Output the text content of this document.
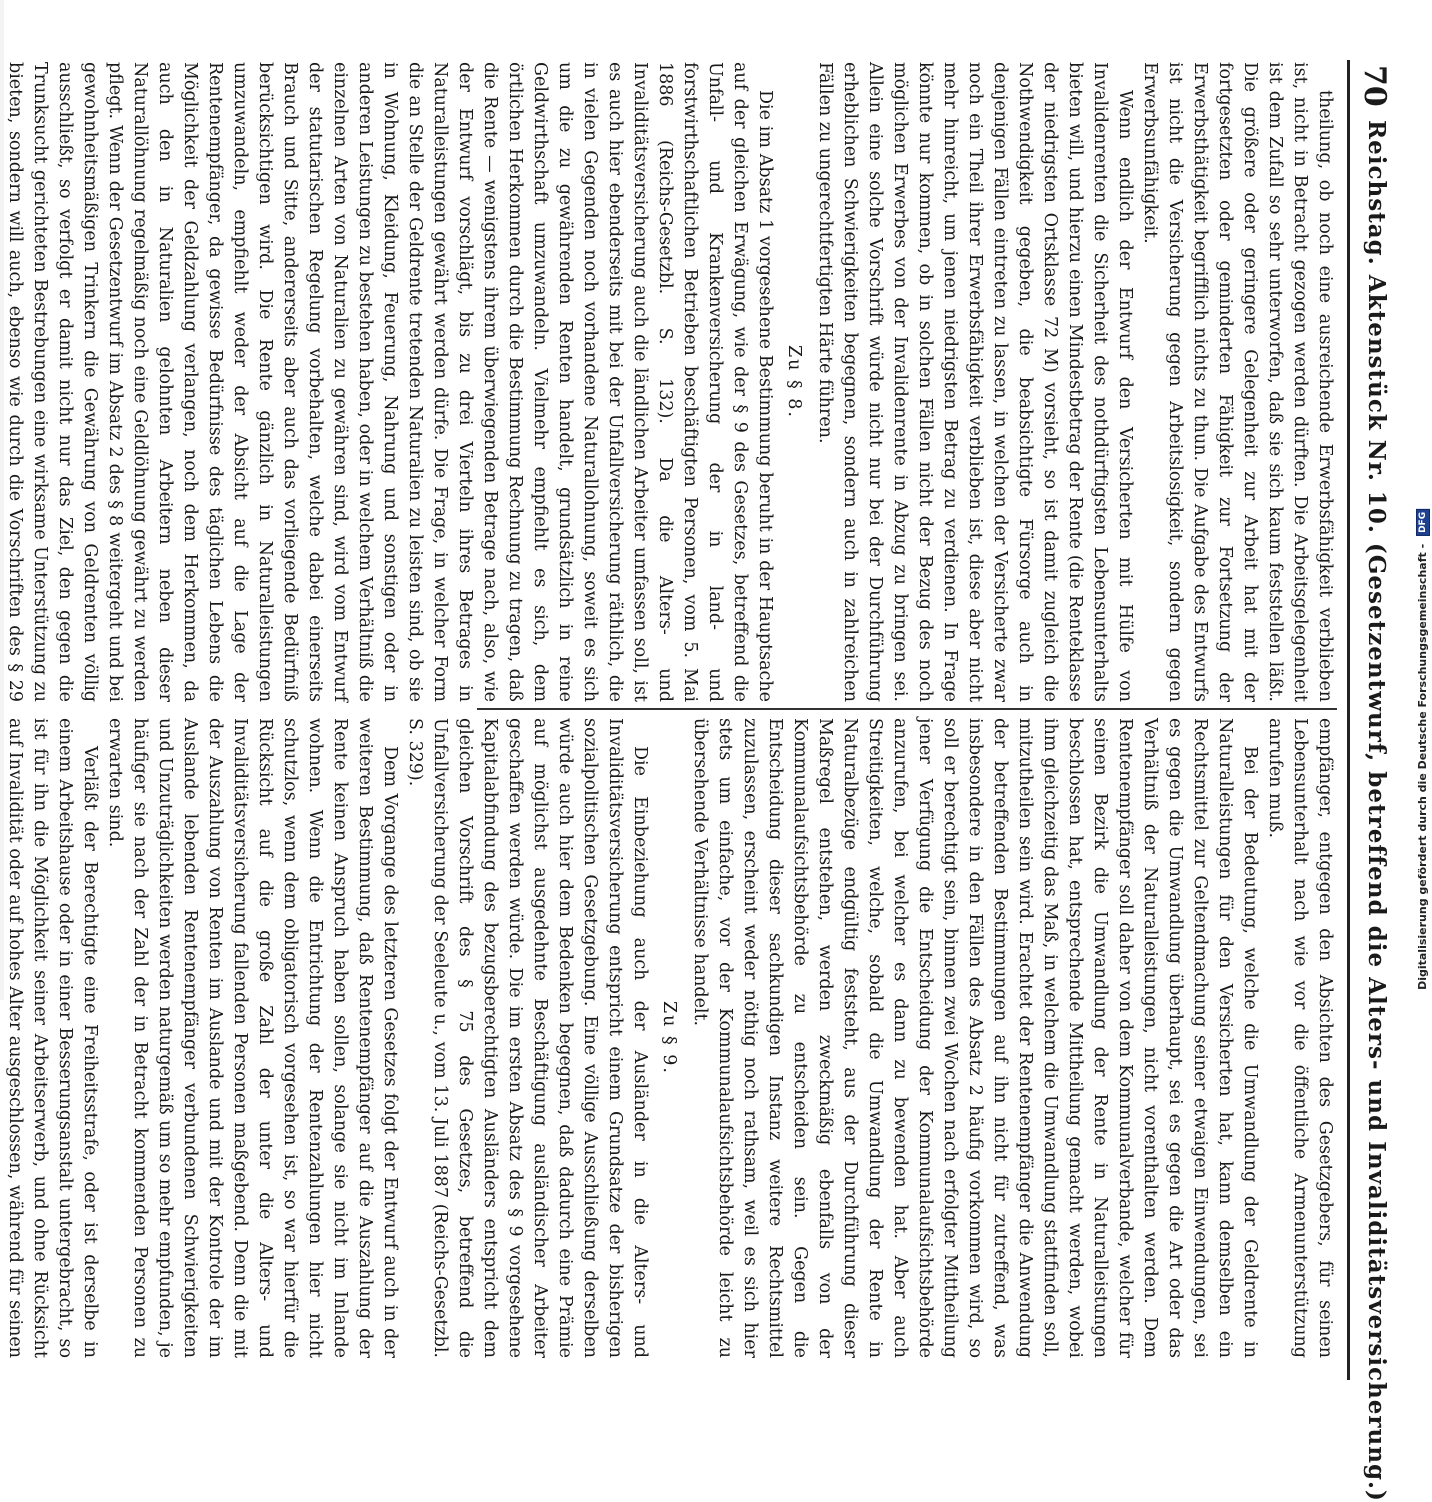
70
Reichstag. Aktenstück Nr. 10. (Gesetzentwurf, betreffend die Alters- und Invaliditätsversicherung.)

theilung, ob noch eine ausreichende Erwerbsfähigkeit verblieben ist, nicht in Betracht gezogen werden dürften. Die Arbeitsgelegenheit ist dem Zufall so sehr unterworfen, daß sie sich kaum feststellen läßt. Die größere oder geringere Gelegenheit zur Arbeit hat mit der fortgesetzten oder geminderten Fähigkeit zur Fortsetzung der Erwerbsthätigkeit begrifflich nichts zu thun. Die Aufgabe des Entwurfs ist nicht die Versicherung gegen Arbeitslosigkeit, sondern gegen Erwerbsunfähigkeit.

Wenn endlich der Entwurf den Versicherten mit Hülfe von Invalidenrenten die Sicherheit des nothdürftigsten Lebensunterhalts bieten will, und hierzu einen Mindestbetrag der Rente (die Renteklasse der niedrigsten Ortsklasse 72 M) vorsieht, so ist damit zugleich die Nothwendigkeit gegeben, die beabsichtigte Fürsorge auch in denjenigen Fällen eintreten zu lassen, in welchen der Versicherte zwar noch ein Theil ihrer Erwerbsfähigkeit verblieben ist, diese aber nicht mehr hinreicht, um jenen niedrigsten Betrag zu verdienen. In Frage könnte nur kommen, ob in solchen Fällen nicht der Bezug des noch möglichen Erwerbes von der Invalidenrente in Abzug zu bringen sei. Allein eine solche Vorschrift würde nicht nur bei der Durchführung erheblichen Schwierigkeiten begegnen, sondern auch in zahlreichen Fällen zu ungerechtfertigten Härte führen.

Zu § 8.

Die im Absatz 1 vorgesehene Bestimmung beruht in der Hauptsache auf der gleichen Erwägung, wie der § 9 des Gesetzes, betreffend die Unfall- und Krankenversicherung der in land- und forstwirthschaftlichen Betrieben beschäftigten Personen, vom 5. Mai 1886 (Reichs-Gesetzbl. S. 132). Da die Alters- und Invaliditätsversicherung auch die ländlichen Arbeiter umfassen soll, ist es auch hier ebenderseits mit bei der Unfallversicherung räthlich, die in vielen Gegenden noch vorhandene Naturallohnung, soweit es sich um die zu gewährenden Renten handelt, grundsätzlich in reine Geldwirthschaft umzuwandeln. Vielmehr empfiehlt es sich, dem örtlichen Herkommen durch die Bestimmung Rechnung zu tragen, daß die Rente — wenigstens ihrem überwiegenden Betrage nach, also, wie der Entwurf vorschlägt, bis zu drei Vierteln ihres Betrages in Naturalleistungen gewährt werden dürfe. Die Frage, in welcher Form die an Stelle der Geldrente tretenden Naturalien zu leisten sind, ob sie in Wohnung, Kleidung, Feuerung, Nahrung und sonstigen oder in anderen Leistungen zu bestehen haben, oder in welchem Verhältniß die einzelnen Arten von Naturalien zu gewähren sind, wird vom Entwurf der statutarischen Regelung vorbehalten, welche dabei einerseits Brauch und Sitte, andererseits aber auch das vorliegende Bedürfniß berücksichtigen wird. Die Rente gänzlich in Naturalleistungen umzuwandeln, empfiehlt weder der Absicht auf die Lage der Rentenempfänger, da gewisse Bedürfnisse des täglichen Lebens die Möglichkeit der Geldzahlung verlangen, noch dem Herkommen, da auch den in Naturalien gelohnten Arbeitern neben dieser Naturallöhnung regelmäßig noch eine Geldlöhnung gewährt zu werden pflegt. Wenn der Gesetzentwurf im Absatz 2 des § 8 weitergeht und bei gewohnheitsmäßigen Trinkern die Gewährung von Geldrenten völlig ausschließt, so verfolgt er damit nicht nur das Ziel, den gegen die Trunksucht gerichteten Bestrebungen eine wirksame Unterstützung zu bieten, sondern will auch, ebenso wie durch die Vorschriften des § 29

empfänger, entgegen den Absichten des Gesetzgebers, für seinen Lebensunterhalt nach wie vor die öffentliche Armenunterstützung anrufen muß.

Bei der Bedeutung, welche die Umwandlung der Geldrente in Naturalleistungen für den Versicherten hat, kann demselben ein Rechtsmittel zur Geltendmachung seiner etwaigen Einwendungen, sei es gegen die Umwandlung überhaupt, sei es gegen die Art oder das Verhältniß der Naturalleistungen, nicht vorenthalten werden. Dem Rentenempfänger soll daher von dem Kommunalverbande, welcher für seinen Bezirk die Umwandlung der Rente in Naturalleistungen beschlossen hat, entsprechende Mittheilung gemacht werden, wobei ihm gleichzeitig das Maß, in welchem die Umwandlung stattfinden soll, mitzutheilen sein wird. Erachtet der Rentenempfänger die Anwendung der betreffenden Bestimmungen auf ihn nicht für zutreffend, was insbesondere in den Fällen des Absatz 2 häufig vorkommen wird, so soll er berechtigt sein, binnen zwei Wochen nach erfolgter Mittheilung jener Verfügung die Entscheidung der Kommunalaufsichtsbehörde anzurufen, bei welcher es dann zu bewenden hat. Aber auch Streitigkeiten, welche, sobald die Umwandlung der Rente in Naturalbezüge endgültig feststeht, aus der Durchführung dieser Maßregel entstehen, werden zweckmäßig ebenfalls von der Kommunalaufsichtsbehörde zu entscheiden sein. Gegen die Entscheidung dieser sachkundigen Instanz weitere Rechtsmittel zuzulassen, erscheint weder nöthig noch rathsam, weil es sich hier stets um einfache, vor der Kommunalaufsichtsbehörde leicht zu übersehende Verhältnisse handelt.

Zu § 9.

Die Einbeziehung auch der Ausländer in die Alters- und Invaliditätsversicherung entspricht einem Grundsatze der bisherigen sozialpolitischen Gesetzgebung. Eine völlige Ausschließung derselben würde auch hier dem Bedenken begegnen, daß dadurch eine Prämie auf möglichst ausgedehnte Beschäftigung ausländischer Arbeiter geschaffen werden würde. Die im ersten Absatz des § 9 vorgesehene Kapitalabfindung des bezugsberechtigten Ausländers entspricht dem gleichen Vorschrift des § 75 des Gesetzes, betreffend die Unfallversicherung der Seeleute u., vom 13. Juli 1887 (Reichs-Gesetzbl. S. 329).

Dem Vorgange des letzteren Gesetzes folgt der Entwurf auch in der weiteren Bestimmung, daß Rentenempfänger auf die Auszahlung der Rente keinen Anspruch haben sollen, solange sie nicht im Inlande wohnen. Wenn die Entrichtung der Rentenzahlungen hier nicht schutzlos, wenn dem obligatorisch vorgesehen ist, so war hierfür die Rücksicht auf die große Zahl der unter die Alters- und Invaliditätsversicherung fallenden Personen maßgebend. Denn die mit der Auszahlung von Renten im Auslande und mit der Kontrole der im Auslande lebenden Rentenempfänger verbundenen Schwierigkeiten und Unzuträglichkeiten werden naturgemäß um so mehr empfunden, je häufiger sie nach der Zahl der in Betracht kommenden Personen zu erwarten sind.

Verläßt der Berechtigte eine Freiheitsstrafe, oder ist derselbe in einem Arbeitshause oder in einer Besserungsanstalt untergebracht, so ist für ihn die Möglichkeit seiner Arbeitserwerb, und ohne Rücksicht auf Invalidität oder auf hohes Alter ausgeschlossen, während für seinen

Digitalisierung gefördert durch die Deutsche Forschungsgemeinschaft - DFG
